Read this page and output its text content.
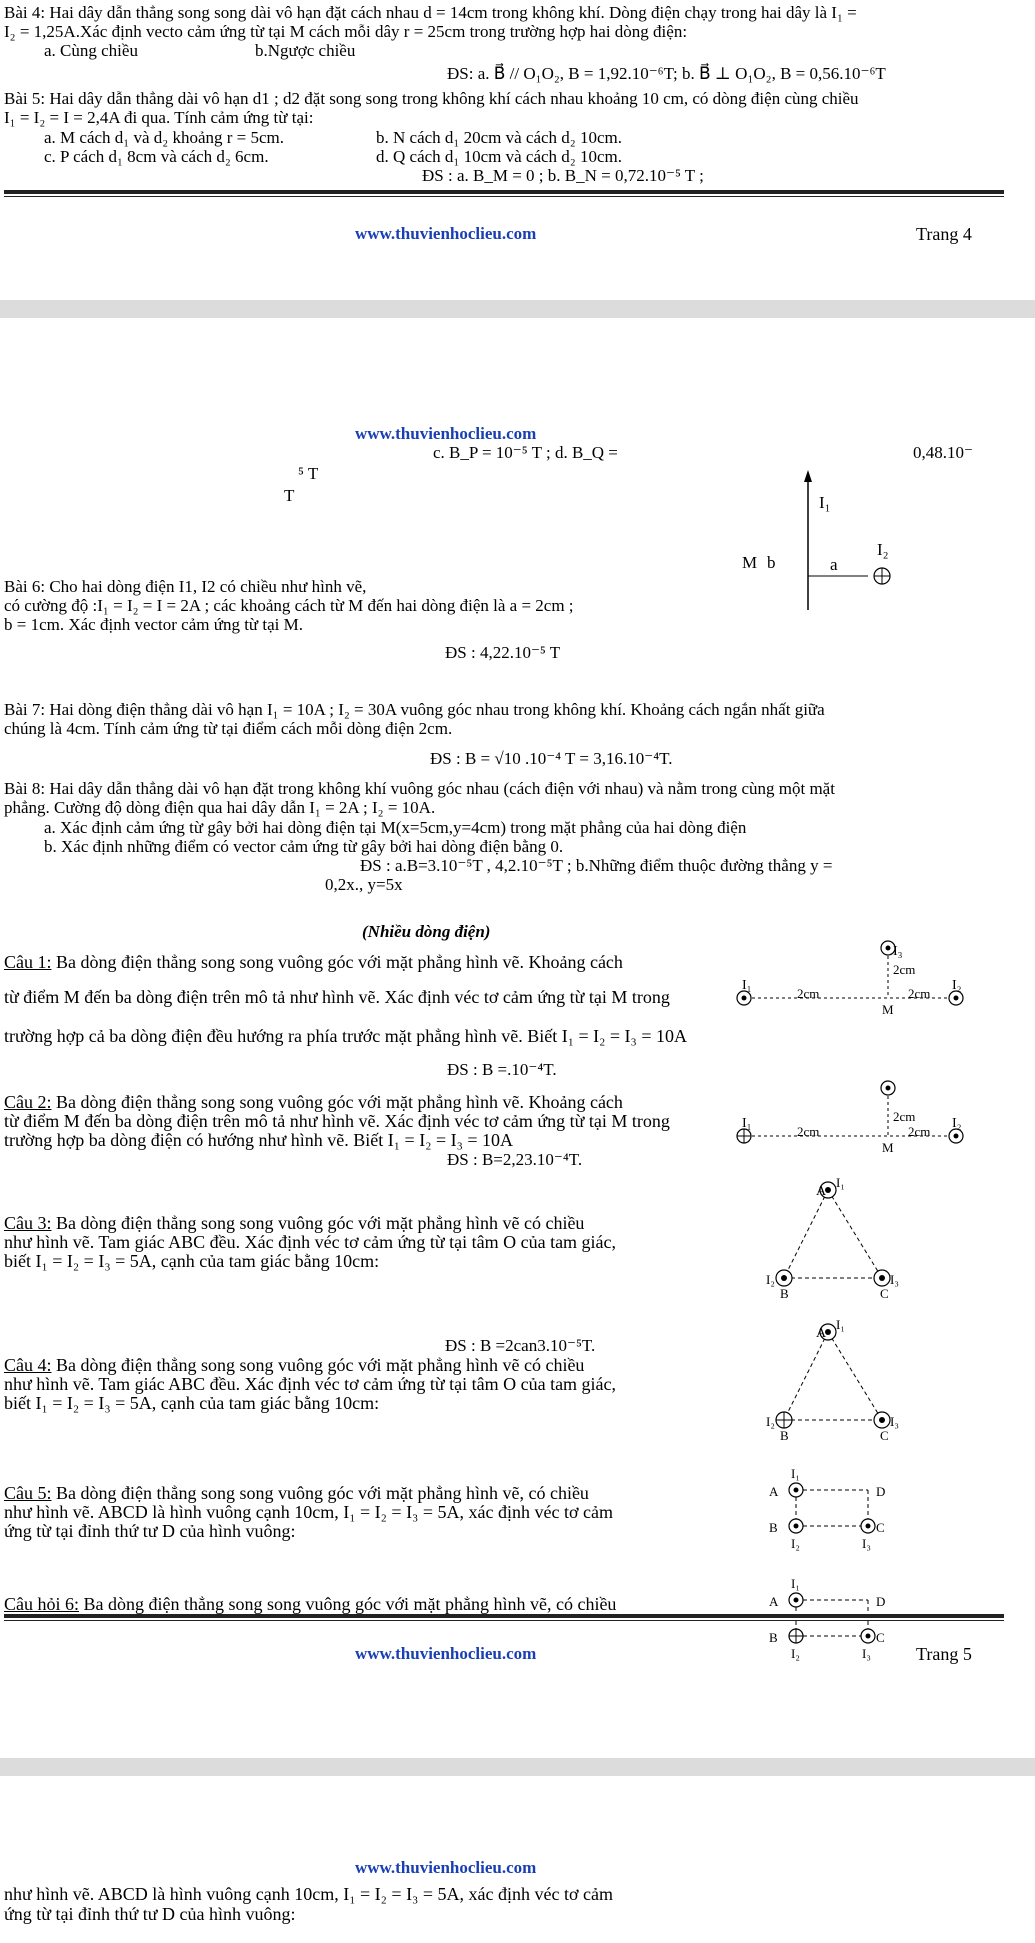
Bài 4: Hai dây dẫn thẳng song song dài vô hạn đặt cách nhau d = 14cm trong không khí. Dòng điện chạy trong hai dây là I₁ =
I₂ = 1,25A.Xác định vecto cảm ứng từ tại M cách mỗi dây r = 25cm trong trường hợp hai dòng điện:
a. Cùng chiều	b.Ngược chiều
ĐS: a. B⃗ // O₁O₂, B = 1,92.10⁻⁶T; b. B⃗ ⊥ O₁O₂, B = 0,56.10⁻⁶T
Bài 5: Hai dây dẫn thẳng dài vô hạn d1 ; d2 đặt song song trong không khí cách nhau khoảng 10 cm, có dòng điện cùng chiều
I₁ = I₂ = I = 2,4A đi qua. Tính cảm ứng từ tại:
a. M cách d₁ và d₂ khoảng r = 5cm.	b. N cách d₁ 20cm và cách d₂ 10cm.
c. P cách d₁ 8cm và cách d₂ 6cm.	d. Q cách d₁ 10cm và cách d₂ 10cm.
ĐS : a. B_M = 0 ; b. B_N = 0,72.10⁻⁵ T ;
www.thuvienhoclieu.com	Trang 4
www.thuvienhoclieu.com
c. B_P = 10⁻⁵ T ; d. B_Q =	0,48.10⁻
⁵ T
T	I₁
I₂
M b	a
Bài 6: Cho hai dòng điện I1, I2 có chiều như hình vẽ,
có cường độ :I₁ = I₂ = I = 2A ; các khoảng cách từ M đến hai dòng điện là a = 2cm ;
b = 1cm. Xác định vector cảm ứng từ tại M.
ĐS : 4,22.10⁻⁵ T
Bài 7: Hai dòng điện thẳng dài vô hạn I₁ = 10A ; I₂ = 30A vuông góc nhau trong không khí. Khoảng cách ngắn nhất giữa
chúng là 4cm. Tính cảm ứng từ tại điểm cách mỗi dòng điện 2cm.
ĐS : B = √10 .10⁻⁴ T = 3,16.10⁻⁴T.
Bài 8: Hai dây dẫn thẳng dài vô hạn đặt trong không khí vuông góc nhau (cách điện với nhau) và nằm trong cùng một mặt
phẳng. Cường độ dòng điện qua hai dây dẫn I₁ = 2A ; I₂ = 10A.
a. Xác định cảm ứng từ gây bởi hai dòng điện tại M(x=5cm,y=4cm) trong mặt phẳng của hai dòng điện
b. Xác định những điểm có vector cảm ứng từ gây bởi hai dòng điện bằng 0.
ĐS : a.B=3.10⁻⁵T , 4,2.10⁻⁵T ; b.Những điểm thuộc đường thẳng y =
0,2x., y=5x
(Nhiều dòng điện)
Câu 1: Ba dòng điện thẳng song song vuông góc với mặt phẳng hình vẽ. Khoảng cách
từ điểm M đến ba dòng điện trên mô tả như hình vẽ. Xác định véc tơ cảm ứng từ tại M trong
trường hợp cả ba dòng điện đều hướng ra phía trước mặt phẳng hình vẽ. Biết I₁ = I₂ = I₃ = 10A
ĐS : B =.10⁻⁴T.
I₃
2cm
I₁	I₂
2cm	2cm
M
Câu 2: Ba dòng điện thẳng song song vuông góc với mặt phẳng hình vẽ. Khoảng cách
từ điểm M đến ba dòng điện trên mô tả như hình vẽ. Xác định véc tơ cảm ứng từ tại M trong
trường hợp ba dòng điện có hướng như hình vẽ. Biết I₁ = I₂ = I₃ = 10A
ĐS : B=2,23.10⁻⁴T.
2cm
I₁	I₂
2cm	2cm
M
Câu 3: Ba dòng điện thẳng song song vuông góc với mặt phẳng hình vẽ có chiều
như hình vẽ. Tam giác ABC đều. Xác định véc tơ cảm ứng từ tại tâm O của tam giác,
biết I₁ = I₂ = I₃ = 5A, cạnh của tam giác bằng 10cm:
ĐS : B =2can3.10⁻⁵T.
I₁
A
I₂	I₃
B	C
Câu 4: Ba dòng điện thẳng song song vuông góc với mặt phẳng hình vẽ có chiều
như hình vẽ. Tam giác ABC đều. Xác định véc tơ cảm ứng từ tại tâm O của tam giác,
biết I₁ = I₂ = I₃ = 5A, cạnh của tam giác bằng 10cm:
I₁
A
I₂	I₃
B	C
Câu 5: Ba dòng điện thẳng song song vuông góc với mặt phẳng hình vẽ, có chiều
như hình vẽ. ABCD là hình vuông cạnh 10cm, I₁ = I₂ = I₃ = 5A, xác định véc tơ cảm
ứng từ tại đỉnh thứ tư D của hình vuông:
I₁
A	D
B	C
I₂	I₃
Câu hỏi 6: Ba dòng điện thẳng song song vuông góc với mặt phẳng hình vẽ, có chiều
I₁
A	D
B	C
I₂	I₃
www.thuvienhoclieu.com	Trang 5
www.thuvienhoclieu.com
như hình vẽ. ABCD là hình vuông cạnh 10cm, I₁ = I₂ = I₃ = 5A, xác định véc tơ cảm
ứng từ tại đỉnh thứ tư D của hình vuông:
